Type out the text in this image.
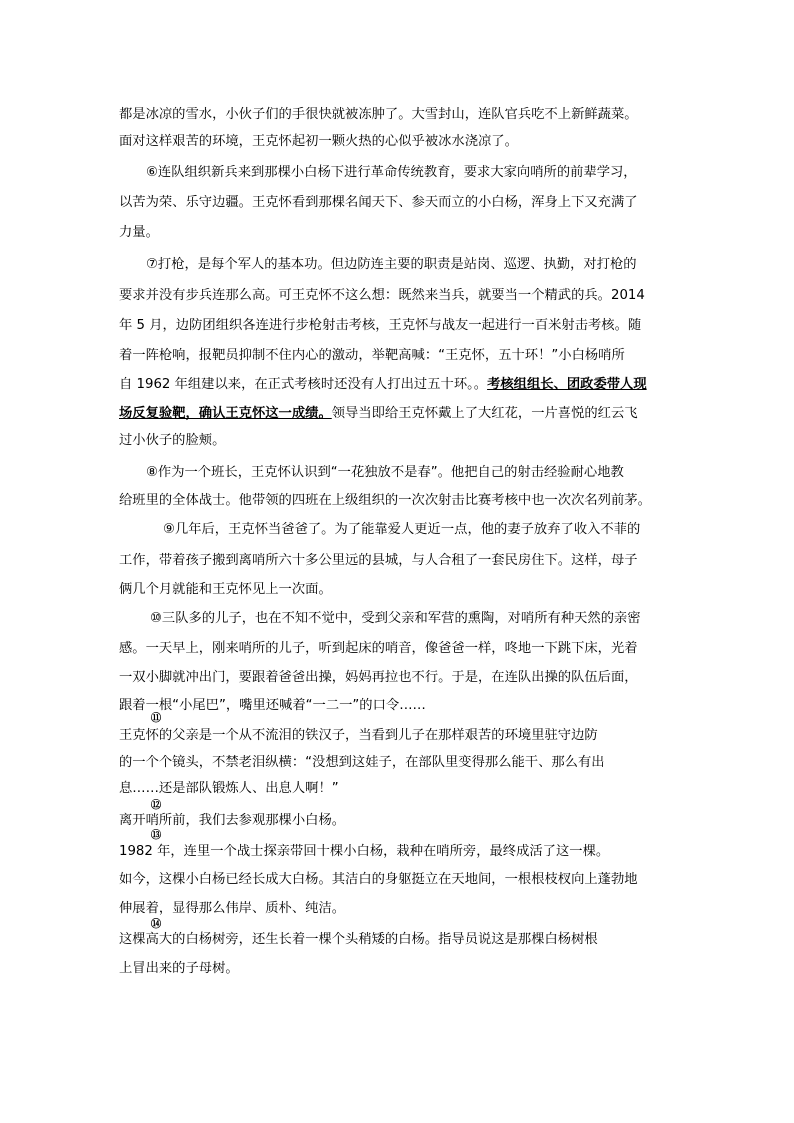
都是冰凉的雪水，小伙子们的手很快就被冻肿了。大雪封山，连队官兵吃不上新鲜蔬菜。
面对这样艰苦的环境，王克怀起初一颗火热的心似乎被冰水浇凉了。
⑥连队组织新兵来到那棵小白杨下进行革命传统教育，要求大家向哨所的前辈学习，
以苦为荣、乐守边疆。王克怀看到那棵名闻天下、参天而立的小白杨，浑身上下又充满了
力量。
⑦打枪，是每个军人的基本功。但边防连主要的职责是站岗、巡逻、执勤，对打枪的
要求并没有步兵连那么高。可王克怀不这么想：既然来当兵，就要当一个精武的兵。2014
年 5 月，边防团组织各连进行步枪射击考核，王克怀与战友一起进行一百米射击考核。随
着一阵枪响，报靶员抑制不住内心的激动，举靶高喊：“王克怀，五十环！”小白杨哨所
自 1962 年组建以来，在正式考核时还没有人打出过五十环。。考核组组长、团政委带人现
场反复验靶，确认王克怀这一成绩。领导当即给王克怀戴上了大红花，一片喜悦的红云飞
过小伙子的脸颊。
⑧作为一个班长，王克怀认识到“一花独放不是春”。他把自己的射击经验耐心地教
给班里的全体战士。他带领的四班在上级组织的一次次射击比赛考核中也一次次名列前茅。
⑨几年后，王克怀当爸爸了。为了能靠爱人更近一点，他的妻子放弃了收入不菲的
工作，带着孩子搬到离哨所六十多公里远的县城，与人合租了一套民房住下。这样，母子
俩几个月就能和王克怀见上一次面。
⑩三队多的儿子，也在不知不觉中，受到父亲和军营的熏陶，对哨所有种天然的亲密
感。一天早上，刚来哨所的儿子，听到起床的哨音，像爸爸一样，咚地一下跳下床，光着
一双小脚就冲出门，要跟着爸爸出操，妈妈再拉也不行。于是，在连队出操的队伍后面，
跟着一根“小尾巴”，嘴里还喊着“一二一”的口令……
⑪
王克怀的父亲是一个从不流泪的铁汉子，当看到儿子在那样艰苦的环境里驻守边防
的一个个镜头，不禁老泪纵横：“没想到这娃子，在部队里变得那么能干、那么有出
息……还是部队锻炼人、出息人啊！”
⑫
离开哨所前，我们去参观那棵小白杨。
⑬
1982 年，连里一个战士探亲带回十棵小白杨，栽种在哨所旁，最终成活了这一棵。
如今，这棵小白杨已经长成大白杨。其洁白的身躯挺立在天地间，一根根枝杈向上蓬勃地
伸展着，显得那么伟岸、质朴、纯洁。
⑭
这棵高大的白杨树旁，还生长着一棵个头稍矮的白杨。指导员说这是那棵白杨树根
上冒出来的子母树。
